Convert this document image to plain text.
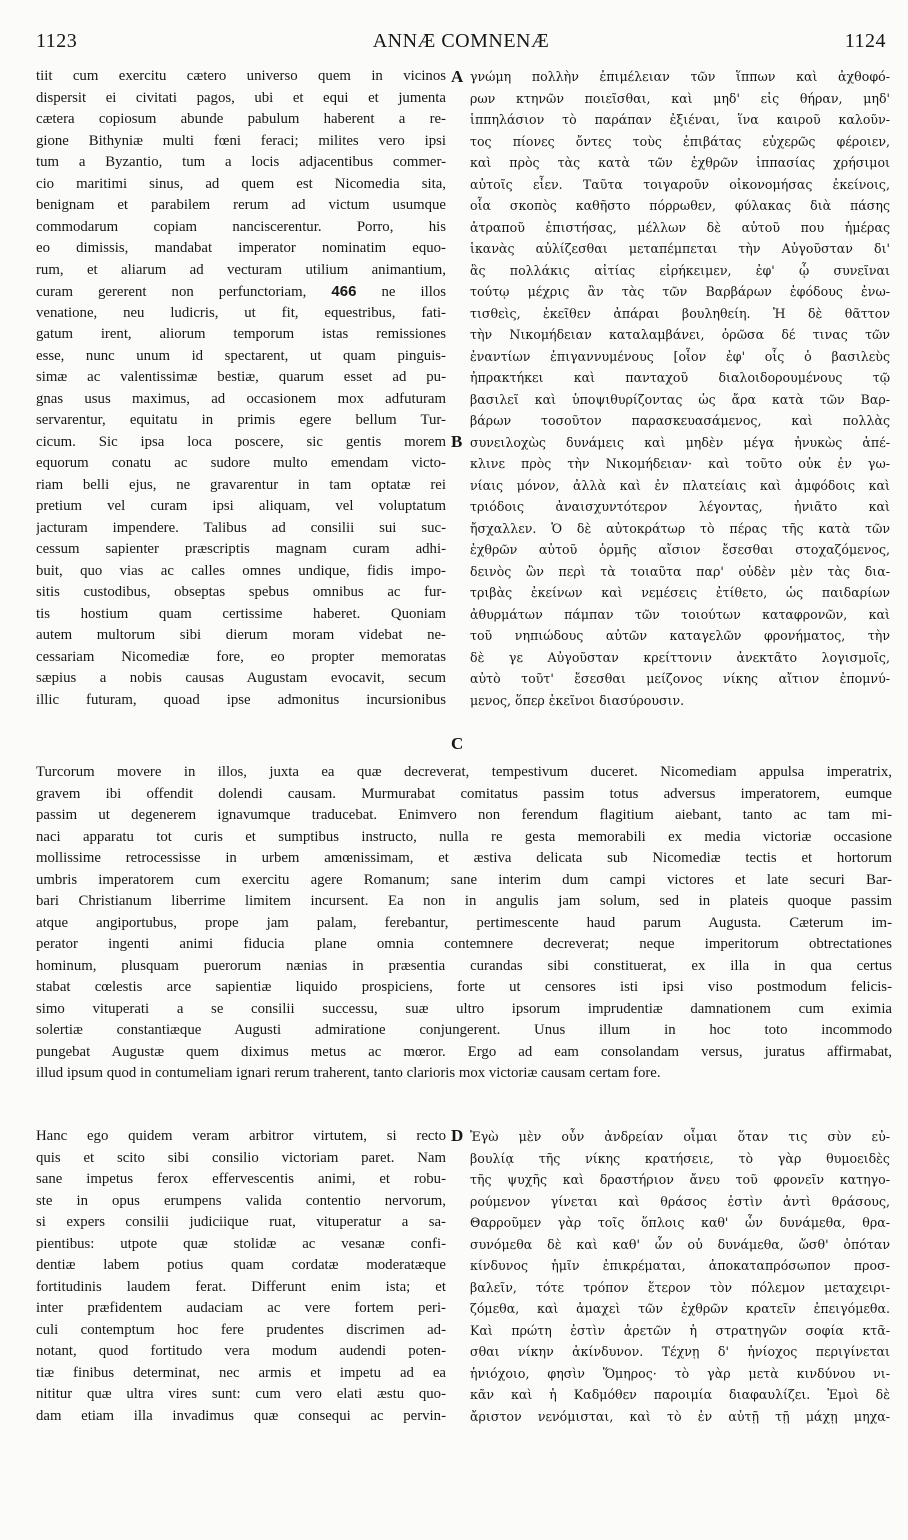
1123	ANNÆ COMNENÆ	1124
A
B
C
D
tiit cum exercitu cætero universo quem in vicinos
dispersit ei civitati pagos, ubi et equi et jumenta
cætera copiosum abunde pabulum haberent a re-
gione Bithyniæ multi fœni feraci; milites vero ipsi
tum a Byzantio, tum a locis adjacentibus commer-
cio maritimi sinus, ad quem est Nicomedia sita,
benignam et parabilem rerum ad victum usumque
commodarum copiam nanciscerentur. Porro, his
eo dimissis, mandabat imperator nominatim equo-
rum, et aliarum ad vecturam utilium animantium,
curam gererent non perfunctoriam, 466 ne illos
venatione, neu ludicris, ut fit, equestribus, fati-
gatum irent, aliorum temporum istas remissiones
esse, nunc unum id spectarent, ut quam pinguis-
simæ ac valentissimæ bestiæ, quarum esset ad pu-
gnas usus maximus, ad occasionem mox adfuturam
servarentur, equitatu in primis egere bellum Tur-
cicum. Sic ipsa loca poscere, sic gentis morem
equorum conatu ac sudore multo emendam victo-
riam belli ejus, ne gravarentur in tam optatæ rei
pretium vel curam ipsi aliquam, vel voluptatum
jacturam impendere. Talibus ad consilii sui suc-
cessum sapienter præscriptis magnam curam adhi-
buit, quo vias ac calles omnes undique, fidis impo-
sitis custodibus, obseptas spebus omnibus ac fur-
tis hostium quam certissime haberet. Quoniam
autem multorum sibi dierum moram videbat ne-
cessariam Nicomediæ fore, eo propter memoratas
sæpius a nobis causas Augustam evocavit, secum
illic futuram, quoad ipse admonitus incursionibus
γνώμη πολλὴν ἐπιμέλειαν τῶν ἵππων καὶ ἀχθοφό-
ρων κτηνῶν ποιεῖσθαι, καὶ μηδ' εἰς θήραν, μηδ'
ἱππηλάσιον τὸ παράπαν ἐξιέναι, ἵνα καιροῦ καλοῦν-
τος πίονες ὄντες τοὺς ἐπιβάτας εὐχερῶς φέροιεν,
καὶ πρὸς τὰς κατὰ τῶν ἐχθρῶν ἱππασίας χρήσιμοι
αὐτοῖς εἶεν. Ταῦτα τοιγαροῦν οἰκονομήσας ἐκείνοις,
οἷα σκοπὸς καθῆστο πόρρωθεν, φύλακας διὰ πάσης
ἀτραποῦ ἐπιστήσας, μέλλων δὲ αὐτοῦ που ἡμέρας
ἱκανὰς αὐλίζεσθαι μεταπέμπεται τὴν Αὐγοῦσταν δι'
ἃς πολλάκις αἰτίας εἰρήκειμεν, ἐφ' ᾧ συνεῖναι
τούτῳ μέχρις ἂν τὰς τῶν Βαρβάρων ἐφόδους ἐνω-
τισθεὶς, ἐκεῖθεν ἀπάραι βουληθείη. Ἡ δὲ θᾶττον
τὴν Νικομήδειαν καταλαμβάνει, ὁρῶσα δέ τινας τῶν
ἐναντίων ἐπιγαννυμένους [οἷον ἐφ' οἷς ὁ βασιλεὺς
ἠπρακτήκει καὶ πανταχοῦ διαλοιδορουμένους τῷ
βασιλεῖ καὶ ὑποψιθυρίζοντας ὡς ἄρα κατὰ τῶν Βαρ-
βάρων τοσοῦτον παρασκευασάμενος, καὶ πολλὰς
συνειλοχὼς δυνάμεις καὶ μηδὲν μέγα ἠνυκὼς ἀπέ-
κλινε πρὸς τὴν Νικομήδειαν· καὶ τοῦτο οὐκ ἐν γω-
νίαις μόνον, ἀλλὰ καὶ ἐν πλατείαις καὶ ἀμφόδοις καὶ
τριόδοις ἀναισχυντότερον λέγοντας, ἠνιᾶτο καὶ
ἤσχαλλεν. Ὁ δὲ αὐτοκράτωρ τὸ πέρας τῆς κατὰ τῶν
ἐχθρῶν αὐτοῦ ὁρμῆς αἴσιον ἔσεσθαι στοχαζόμενος,
δεινὸς ὢν περὶ τὰ τοιαῦτα παρ' οὐδὲν μὲν τὰς δια-
τριβὰς ἐκείνων καὶ νεμέσεις ἐτίθετο, ὡς παιδαρίων
ἀθυρμάτων πάμπαν τῶν τοιούτων καταφρονῶν, καὶ
τοῦ νηπιώδους αὐτῶν καταγελῶν φρονήματος, τὴν
δὲ γε Αὐγοῦσταν κρείττονιν ἀνεκτᾶτο λογισμοῖς,
αὐτὸ τοῦτ' ἔσεσθαι μείζονος νίκης αἴτιον ἐπομνύ-
μενος, ὅπερ ἐκεῖνοι διασύρουσιν.
Turcorum movere in illos, juxta ea quæ decreverat, tempestivum duceret. Nicomediam appulsa imperatrix,
gravem ibi offendit dolendi causam. Murmurabat comitatus passim totus adversus imperatorem, eumque
passim ut degenerem ignavumque traducebat. Enimvero non ferendum flagitium aiebant, tanto ac tam mi-
naci apparatu tot curis et sumptibus instructo, nulla re gesta memorabili ex media victoriæ occasione
mollissime retrocessisse in urbem amœnissimam, et æstiva delicata sub Nicomediæ tectis et hortorum
umbris imperatorem cum exercitu agere Romanum; sane interim dum campi victores et late securi Bar-
bari Christianum liberrime limitem incursent. Ea non in angulis jam solum, sed in plateis quoque passim
atque angiportubus, prope jam palam, ferebantur, pertimescente haud parum Augusta. Cæterum im-
perator ingenti animi fiducia plane omnia contemnere decreverat; neque imperitorum obtrectationes
hominum, plusquam puerorum nænias in præsentia curandas sibi constituerat, ex illa in qua certus
stabat cœlestis arce sapientiæ liquido prospiciens, forte ut censores isti ipsi viso postmodum felicis-
simo vituperati a se consilii successu, suæ ultro ipsorum imprudentiæ damnationem cum eximia
solertiæ constantiæque Augusti admiratione conjungerent. Unus illum in hoc toto incommodo
pungebat Augustæ quem diximus metus ac mœror. Ergo ad eam consolandam versus, juratus affirmabat,
illud ipsum quod in contumeliam ignari rerum traherent, tanto clarioris mox victoriæ causam certam fore.
Hanc ego quidem veram arbitror virtutem, si recto
quis et scito sibi consilio victoriam paret. Nam
sane impetus ferox effervescentis animi, et robu-
ste in opus erumpens valida contentio nervorum,
si expers consilii judiciique ruat, vituperatur a sa-
pientibus: utpote quæ stolidæ ac vesanæ confi-
dentiæ labem potius quam cordatæ moderatæque
fortitudinis laudem ferat. Differunt enim ista; et
inter præfidentem audaciam ac vere fortem peri-
culi contemptum hoc fere prudentes discrimen ad-
notant, quod fortitudo vera modum audendi poten-
tiæ finibus determinat, nec armis et impetu ad ea
nititur quæ ultra vires sunt: cum vero elati æstu quo-
dam etiam illa invadimus quæ consequi ac pervin-
Ἐγὼ μὲν οὖν ἀνδρείαν οἶμαι ὅταν τις σὺν εὐ-
βουλίᾳ τῆς νίκης κρατήσειε, τὸ γὰρ θυμοειδὲς
τῆς ψυχῆς καὶ δραστήριον ἄνευ τοῦ φρονεῖν κατηγο-
ρούμενον γίνεται καὶ θράσος ἐστὶν ἀντὶ θράσους,
Θαρροῦμεν γὰρ τοῖς ὅπλοις καθ' ὧν δυνάμεθα, θρα-
συνόμεθα δὲ καὶ καθ' ὧν οὐ δυνάμεθα, ὥσθ' ὁπόταν
κίνδυνος ἡμῖν ἐπικρέμαται, ἀποκαταπρόσωπον προσ-
βαλεῖν, τότε τρόπον ἕτερον τὸν πόλεμον μεταχειρι-
ζόμεθα, καὶ ἀμαχεὶ τῶν ἐχθρῶν κρατεῖν ἐπειγόμεθα.
Καὶ πρώτη ἐστὶν ἀρετῶν ἡ στρατηγῶν σοφία κτᾶ-
σθαι νίκην ἀκίνδυνον. Τέχνῃ δ' ἡνίοχος περιγίνεται
ἡνιόχοιο, φησὶν Ὅμηρος· τὸ γὰρ μετὰ κινδύνου νι-
κᾶν καὶ ἡ Καδμόθεν παροιμία διαφαυλίζει. Ἐμοὶ δὲ
ἄριστον νενόμισται, καὶ τὸ ἐν αὐτῇ τῇ μάχῃ μηχα-
